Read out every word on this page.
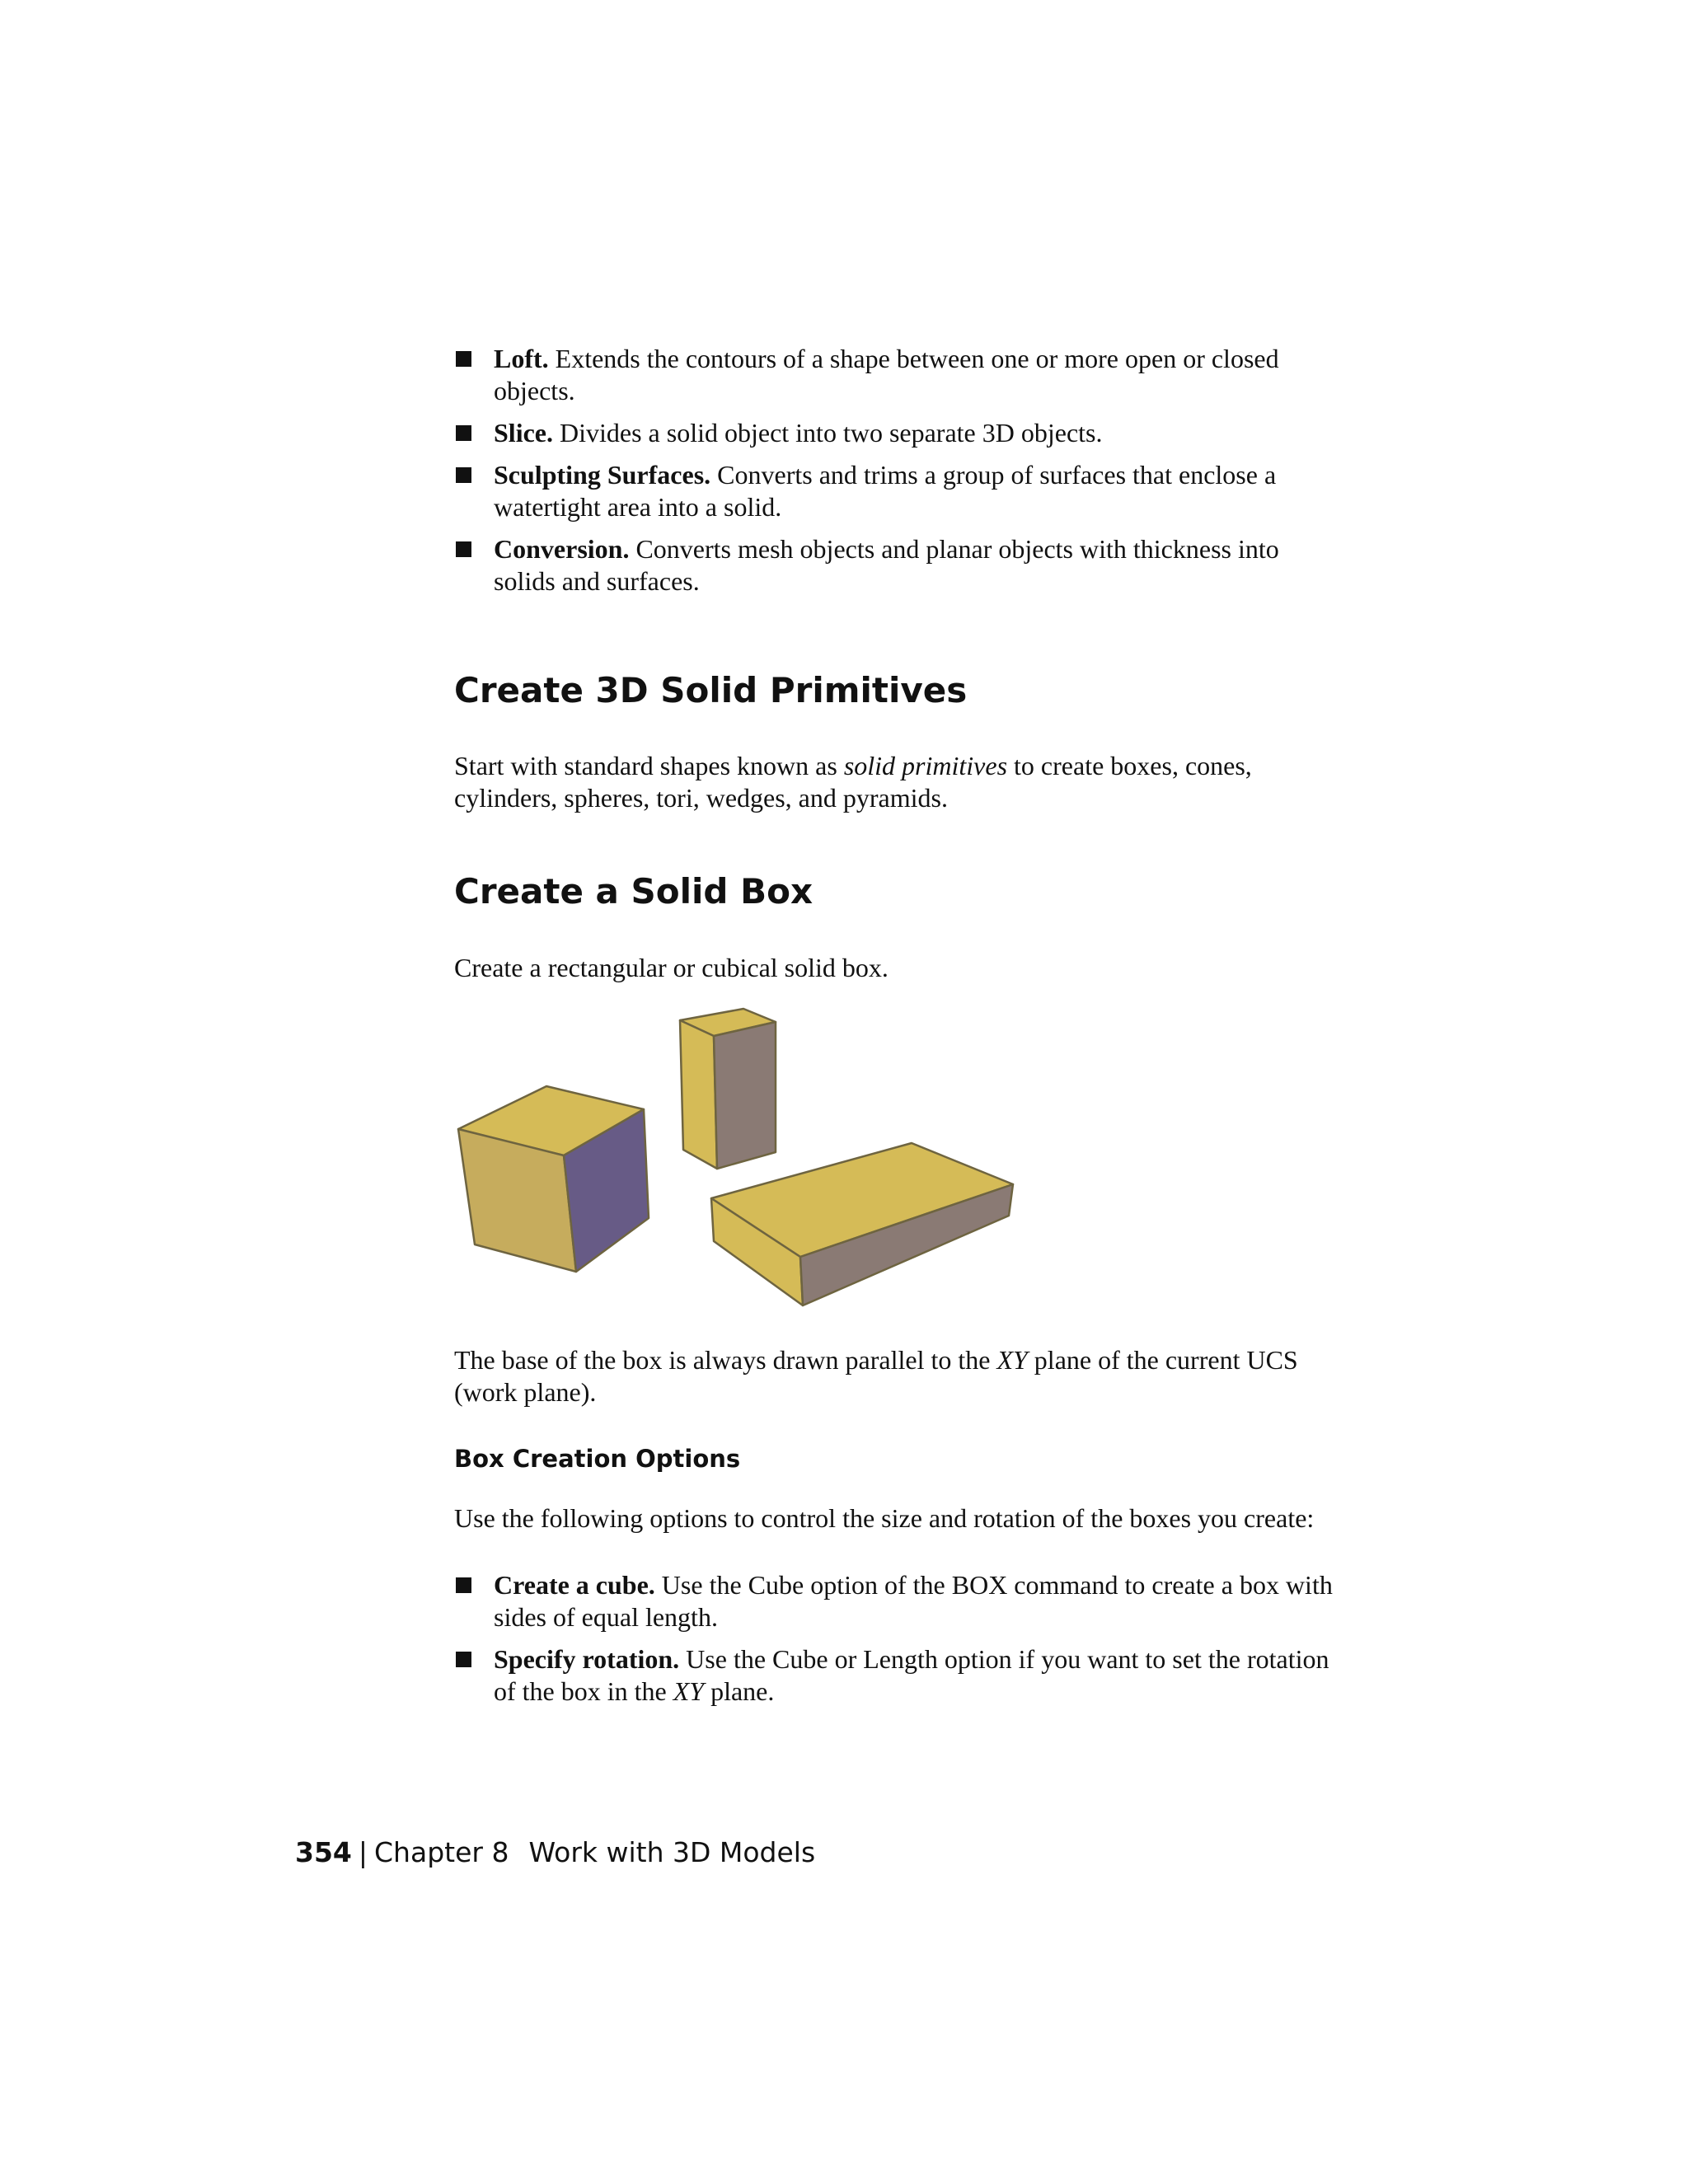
Loft. Extends the contours of a shape between one or more open or closed objects.
Slice. Divides a solid object into two separate 3D objects.
Sculpting Surfaces. Converts and trims a group of surfaces that enclose a watertight area into a solid.
Conversion. Converts mesh objects and planar objects with thickness into solids and surfaces.
Create 3D Solid Primitives

Start with standard shapes known as solid primitives to create boxes, cones, cylinders, spheres, tori, wedges, and pyramids.

Create a Solid Box

Create a rectangular or cubical solid box.

The base of the box is always drawn parallel to the XY plane of the current UCS (work plane).

Box Creation Options

Use the following options to control the size and rotation of the boxes you create:

Create a cube. Use the Cube option of the BOX command to create a box with sides of equal length.
Specify rotation. Use the Cube or Length option if you want to set the rotation of the box in the XY plane.
354 | Chapter 8 Work with 3D Models
